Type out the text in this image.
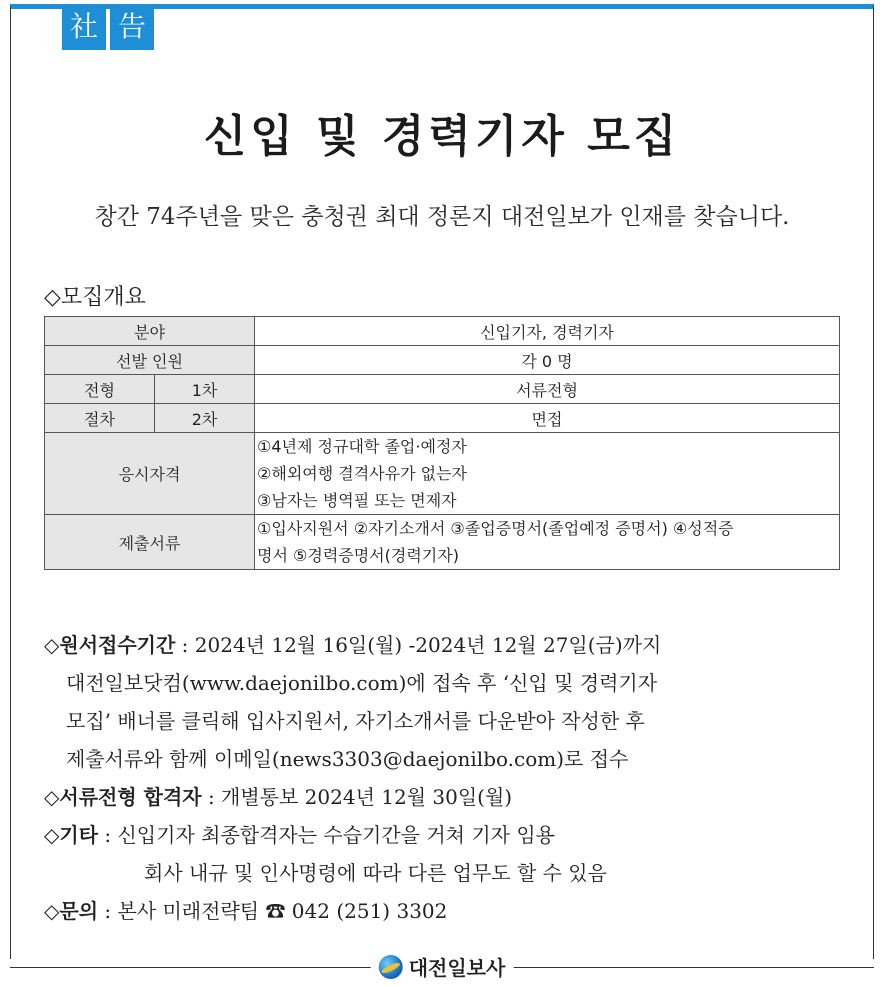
社 告
신입 및 경력기자 모집
창간 74주년을 맞은 충청권 최대 정론지 대전일보가 인재를 찾습니다.
◇모집개요
분야		신입기자, 경력기자
선발 인원		각 0 명
전형	1차	서류전형
절차	2차	면접
응시자격		①4년제 정규대학 졸업·예정자
②해외여행 결격사유가 없는자
③남자는 병역필 또는 면제자

제출서류		①입사지원서 ②자기소개서 ③졸업증명서(졸업예정 증명서) ④성적증
명서 ⑤경력증명서(경력기자)
◇원서접수기간 : 2024년 12월 16일(월) -2024년 12월 27일(금)까지
대전일보닷컴(www.daejonilbo.com)에 접속 후 ‘신입 및 경력기자
모집’ 배너를 클릭해 입사지원서, 자기소개서를 다운받아 작성한 후
제출서류와 함께 이메일(news3303@daejonilbo.com)로 접수
◇서류전형 합격자 : 개별통보 2024년 12월 30일(월)
◇기타 : 신입기자 최종합격자는 수습기간을 거쳐 기자 임용
회사 내규 및 인사명령에 따라 다른 업무도 할 수 있음
◇문의 : 본사 미래전략팀 ☎ 042 (251) 3302
대전일보사
